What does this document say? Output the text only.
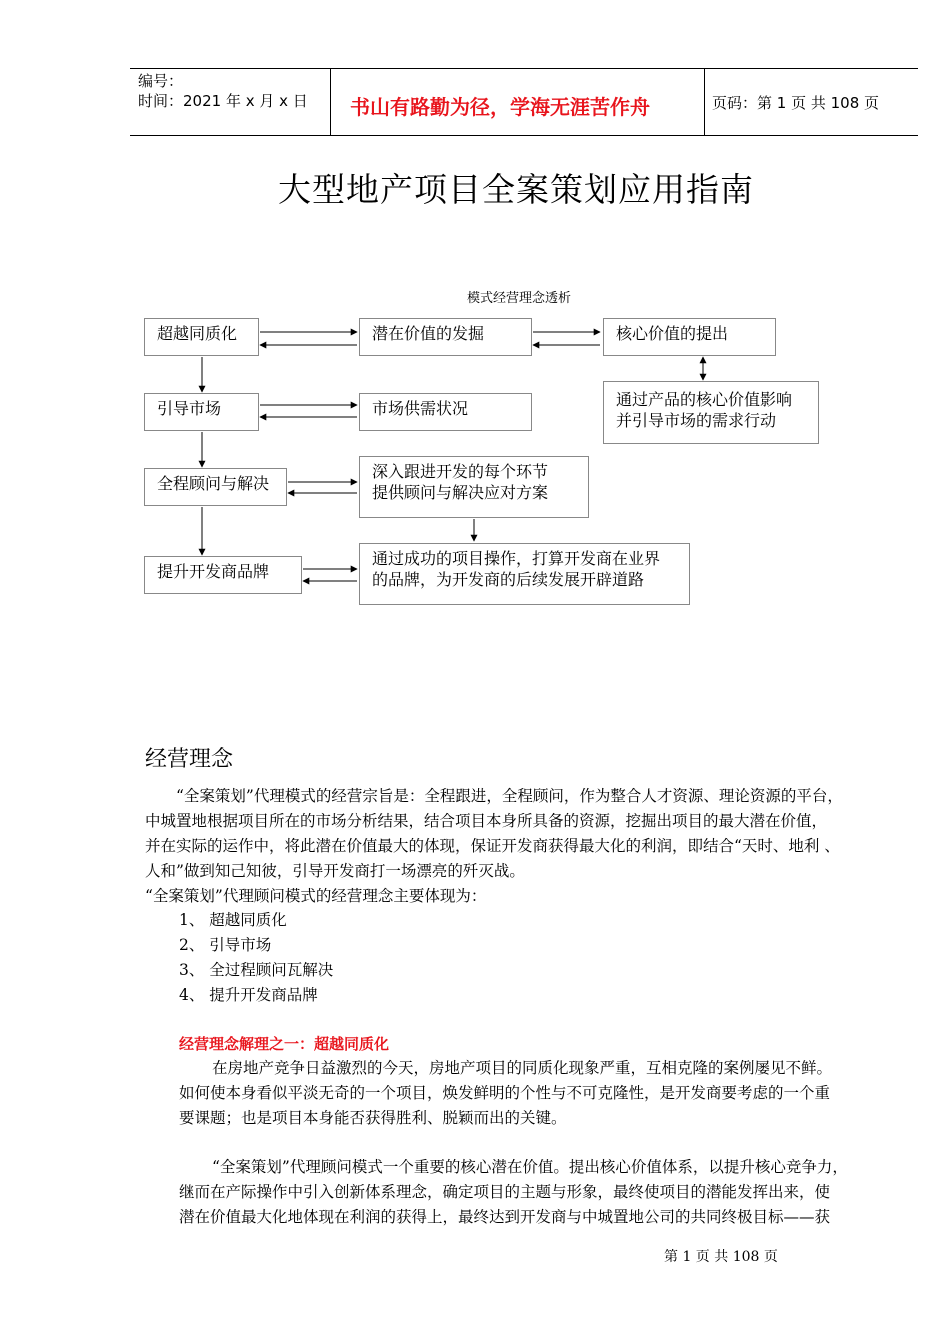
编号：
时间：2021 年 x 月 x 日 书山有路勤为径，学海无涯苦作舟	页码：第 1 页 共 108 页
大型地产项目全案策划应用指南
模式经营理念透析
超越同质化	潜在价值的发掘	核心价值的提出
通过产品的核心价值影响
并引导市场的需求行动
引导市场	市场供需状况
全程顾问与解决
深入跟进开发的每个环节
提供顾问与解决应对方案
提升开发商品牌
通过成功的项目操作，打算开发商在业界
的品牌，为开发商的后续发展开辟道路
经营理念
“全案策划”代理模式的经营宗旨是：全程跟进，全程顾问，作为整合人才资源、理论资源的平台，
中城置地根据项目所在的市场分析结果，结合项目本身所具备的资源，挖掘出项目的最大潜在价值，
并在实际的运作中，将此潜在价值最大的体现，保证开发商获得最大化的利润，即结合“天时、地利 、
人和”做到知己知彼，引导开发商打一场漂亮的歼灭战。
“全案策划”代理顾问模式的经营理念主要体现为：
1、 超越同质化
2、 引导市场
3、 全过程顾问瓦解决
4、 提升开发商品牌
经营理念解理之一：超越同质化
在房地产竞争日益激烈的今天，房地产项目的同质化现象严重，互相克隆的案例屡见不鲜。
如何使本身看似平淡无奇的一个项目，焕发鲜明的个性与不可克隆性，是开发商要考虑的一个重
要课题；也是项目本身能否获得胜利、脱颖而出的关键。
“全案策划”代理顾问模式一个重要的核心潜在价值。提出核心价值体系，以提升核心竞争力，
继而在产际操作中引入创新体系理念，确定项目的主题与形象，最终使项目的潜能发挥出来，使
潜在价值最大化地体现在利润的获得上，最终达到开发商与中城置地公司的共同终极目标——获
第 1 页 共 108 页
